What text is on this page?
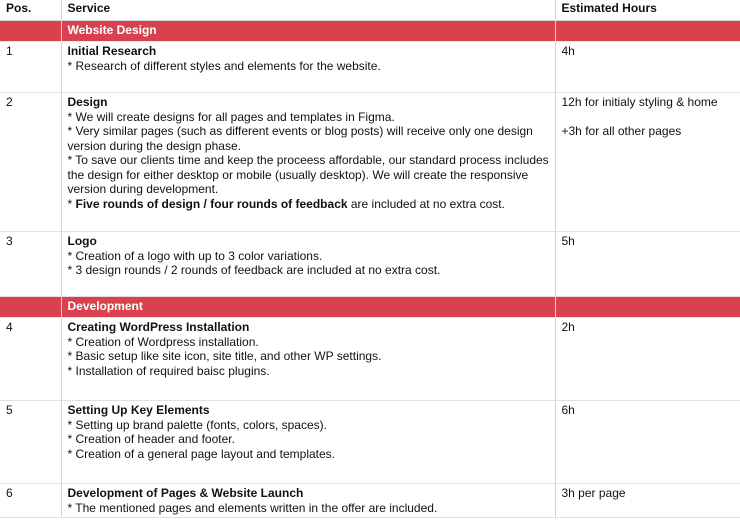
Pos.	Service	Estimated Hours
	Website Design	
1	Initial Research
* Research of different styles and elements for the website.	4h

2	Design
* We will create designs for all pages and templates in Figma.
* Very similar pages (such as different events or blog posts) will receive only one design version during the design phase.
* To save our clients time and keep the proceess affordable, our standard process includes the design for either desktop or mobile (usually desktop). We will create the responsive version during development.
* Five rounds of design / four rounds of feedback are included at no extra cost.	12h for initialy styling & home
+3h for all other pages

3	Logo
* Creation of a logo with up to 3 color variations.
* 3 design rounds / 2 rounds of feedback are included at no extra cost.	5h

	Development	
4	Creating WordPress Installation
* Creation of Wordpress installation.
* Basic setup like site icon, site title, and other WP settings.
* Installation of required baisc plugins.	2h

5	Setting Up Key Elements
* Setting up brand palette (fonts, colors, spaces).
* Creation of header and footer.
* Creation of a general page layout and templates.	6h

6	Development of Pages & Website Launch
* The mentioned pages and elements written in the offer are included.	3h per page
